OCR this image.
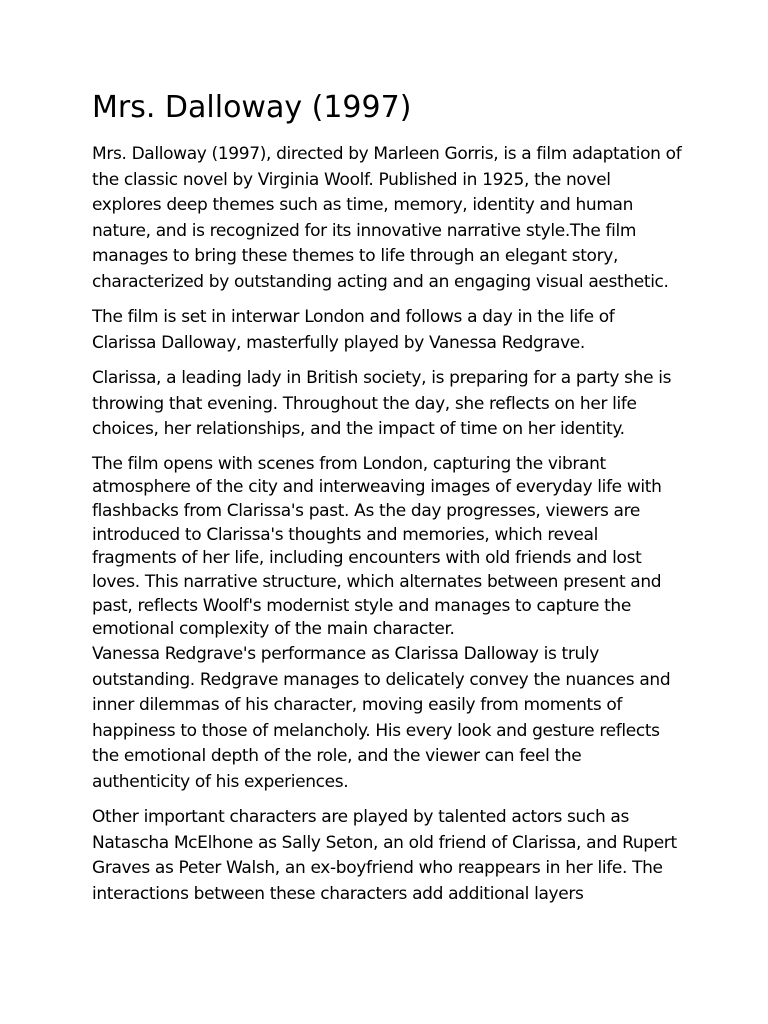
Mrs. Dalloway (1997)

Mrs. Dalloway (1997), directed by Marleen Gorris, is a film adaptation of the classic novel by Virginia Woolf. Published in 1925, the novel explores deep themes such as time, memory, identity and human nature, and is recognized for its innovative narrative style.The film manages to bring these themes to life through an elegant story, characterized by outstanding acting and an engaging visual aesthetic.

The film is set in interwar London and follows a day in the life of Clarissa Dalloway, masterfully played by Vanessa Redgrave.

Clarissa, a leading lady in British society, is preparing for a party she is throwing that evening. Throughout the day, she reflects on her life choices, her relationships, and the impact of time on her identity.

The film opens with scenes from London, capturing the vibrant atmosphere of the city and interweaving images of everyday life with flashbacks from Clarissa's past. As the day progresses, viewers are introduced to Clarissa's thoughts and memories, which reveal fragments of her life, including encounters with old friends and lost loves. This narrative structure, which alternates between present and past, reflects Woolf's modernist style and manages to capture the emotional complexity of the main character.

Vanessa Redgrave's performance as Clarissa Dalloway is truly outstanding. Redgrave manages to delicately convey the nuances and inner dilemmas of his character, moving easily from moments of happiness to those of melancholy. His every look and gesture reflects the emotional depth of the role, and the viewer can feel the authenticity of his experiences.

Other important characters are played by talented actors such as Natascha McElhone as Sally Seton, an old friend of Clarissa, and Rupert Graves as Peter Walsh, an ex-boyfriend who reappears in her life. The interactions between these characters add additional layers
